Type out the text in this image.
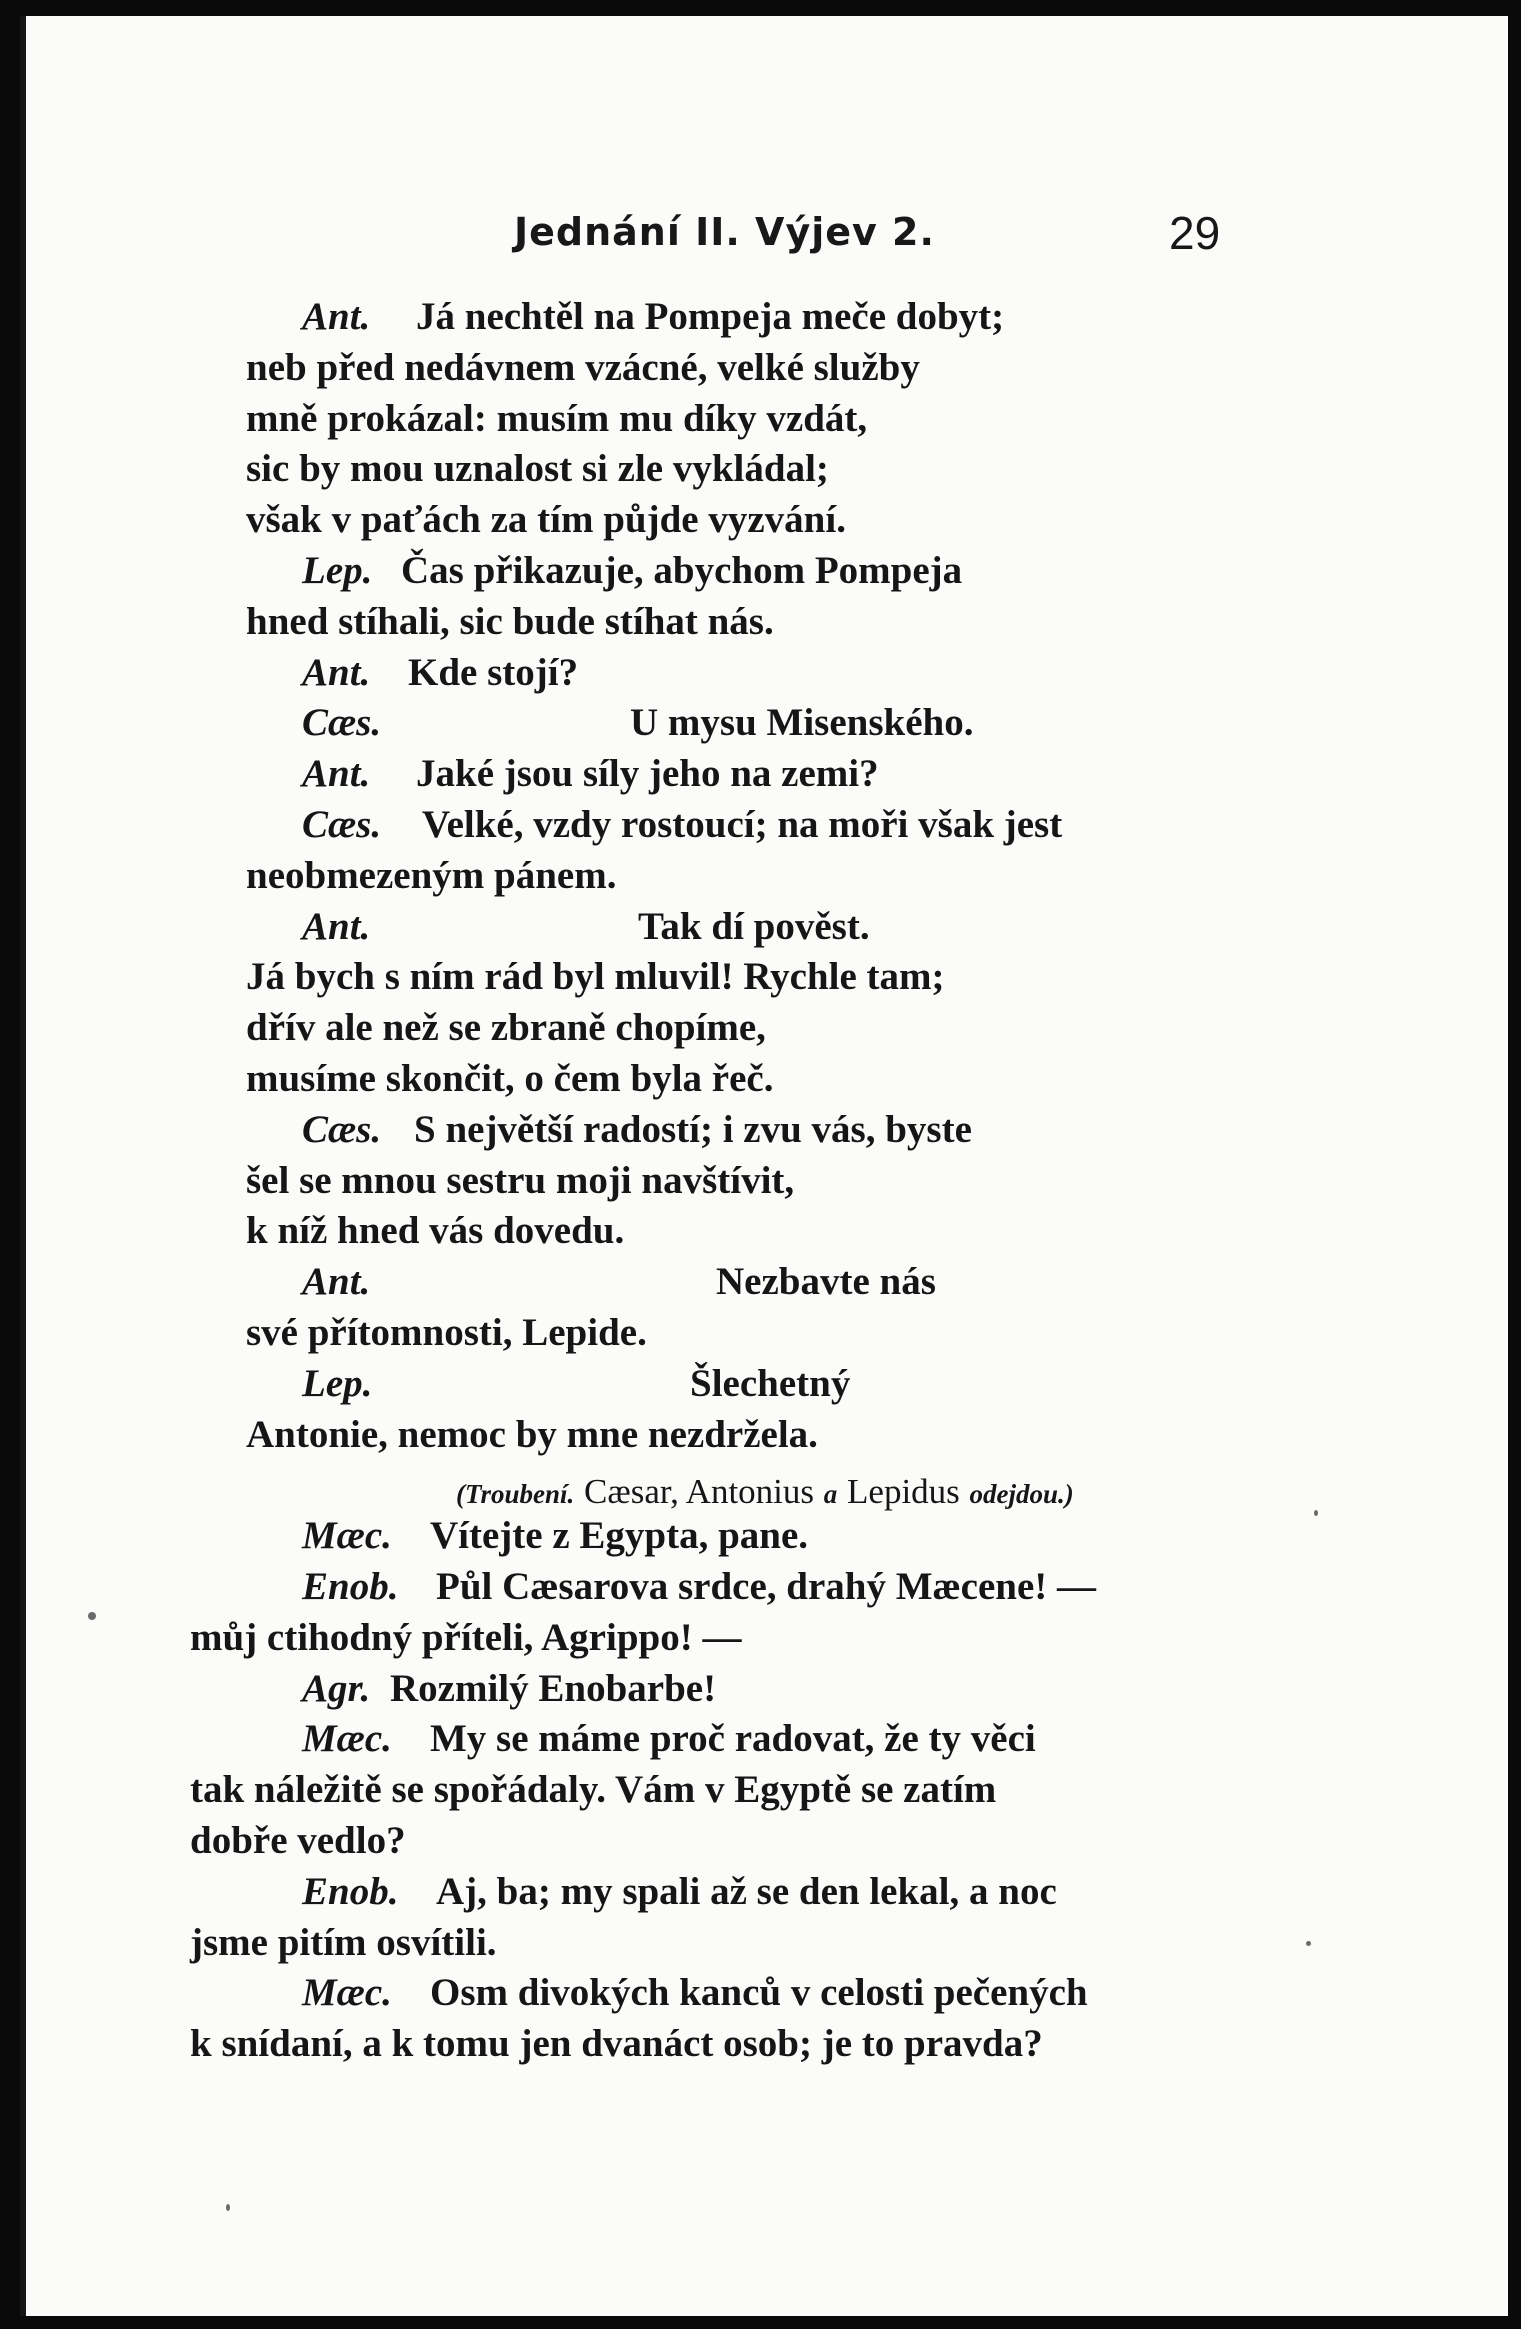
Jednání II. Výjev 2.	29
Ant. Já nechtěl na Pompeja meče dobyt;
neb před nedávnem vzácné, velké služby
mně prokázal: musím mu díky vzdát,
sic by mou uznalost si zle vykládal;
však v paťách za tím půjde vyzvání.
Lep. Čas přikazuje, abychom Pompeja
hned stíhali, sic bude stíhat nás.
Ant. Kde stojí?
Cæs.	U mysu Misenského.
Ant. Jaké jsou síly jeho na zemi?
Cæs. Velké, vzdy rostoucí; na moři však jest
neobmezeným pánem.
Ant.	Tak dí pověst.
Já bych s ním rád byl mluvil! Rychle tam;
dřív ale než se zbraně chopíme,
musíme skončit, o čem byla řeč.
Cæs. S největší radostí; i zvu vás, byste
šel se mnou sestru moji navštívit,
k níž hned vás dovedu.
Ant.	Nezbavte nás
své přítomnosti, Lepide.
Lep.	Šlechetný
Antonie, nemoc by mne nezdržela.
(Troubení. Cæsar, Antonius a Lepidus odejdou.)
Mæc. Vítejte z Egypta, pane.
Enob. Půl Cæsarova srdce, drahý Mæcene! —
můj ctihodný příteli, Agrippo! —
Agr. Rozmilý Enobarbe!
Mæc. My se máme proč radovat, že ty věci
tak náležitě se spořádaly. Vám v Egyptě se zatím
dobře vedlo?
Enob. Aj, ba; my spali až se den lekal, a noc
jsme pitím osvítili.
Mæc. Osm divokých kanců v celosti pečených
k snídaní, a k tomu jen dvanáct osob; je to pravda?
